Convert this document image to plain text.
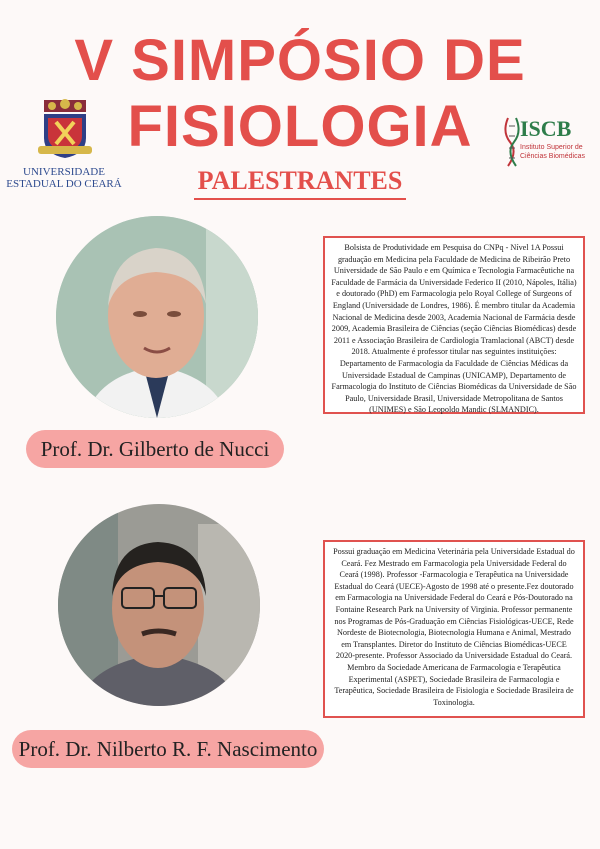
V SIMPÓSIO DE
FISIOLOGIA
PALESTRANTES
UNIVERSIDADE
ESTADUAL DO CEARÁ
ISCB
Instituto Superior de
Ciências Biomédicas
Bolsista de Produtividade em Pesquisa do CNPq - Nível 1A Possui graduação em Medicina pela Faculdade de Medicina de Ribeirão Preto Universidade de São Paulo e em Química e Tecnologia Farmacêutiche na Faculdade de Farmácia da Universidade Federico II (2010, Nápoles, Itália) e doutorado (PhD) em Farmacologia pelo Royal College of Surgeons of England (Universidade de Londres, 1986). É membro titular da Academia Nacional de Medicina desde 2003, Academia Nacional de Farmácia desde 2009, Academia Brasileira de Ciências (seção Ciências Biomédicas) desde 2011 e Associação Brasileira de Cardiologia Tramlacional (ABCT) desde 2018. Atualmente é professor titular nas seguintes instituições: Departamento de Farmacologia da Faculdade de Ciências Médicas da Universidade Estadual de Campinas (UNICAMP), Departamento de Farmacologia do Instituto de Ciências Biomédicas da Universidade de São Paulo, Universidade Brasil, Universidade Metropolitana de Santos (UNIMES) e São Leopoldo Mandic (SLMANDIC).
Prof. Dr. Gilberto de Nucci
Possui graduação em Medicina Veterinária pela Universidade Estadual do Ceará. Fez Mestrado em Farmacologia pela Universidade Federal do Ceará (1998). Professor -Farmacologia e Terapêutica na Universidade Estadual do Ceará (UECE)-Agosto de 1998 até o presente.Fez doutorado em Farmacologia na Universidade Federal do Ceará e Pós-Doutorado na Fontaine Research Park na University of Virginia. Professor permanente nos Programas de Pós-Graduação em Ciências Fisiológicas-UECE, Rede Nordeste de Biotecnologia, Biotecnologia Humana e Animal, Mestrado em Transplantes. Diretor do Instituto de Ciências Biomédicas-UECE 2020-presente. Professor Associado da Universidade Estadual do Ceará. Membro da Sociedade Americana de Farmacologia e Terapêutica Experimental (ASPET), Sociedade Brasileira de Farmacologia e Terapêutica, Sociedade Brasileira de Fisiologia e Sociedade Brasileira de Toxinologia.
Prof. Dr. Nilberto R. F. Nascimento
